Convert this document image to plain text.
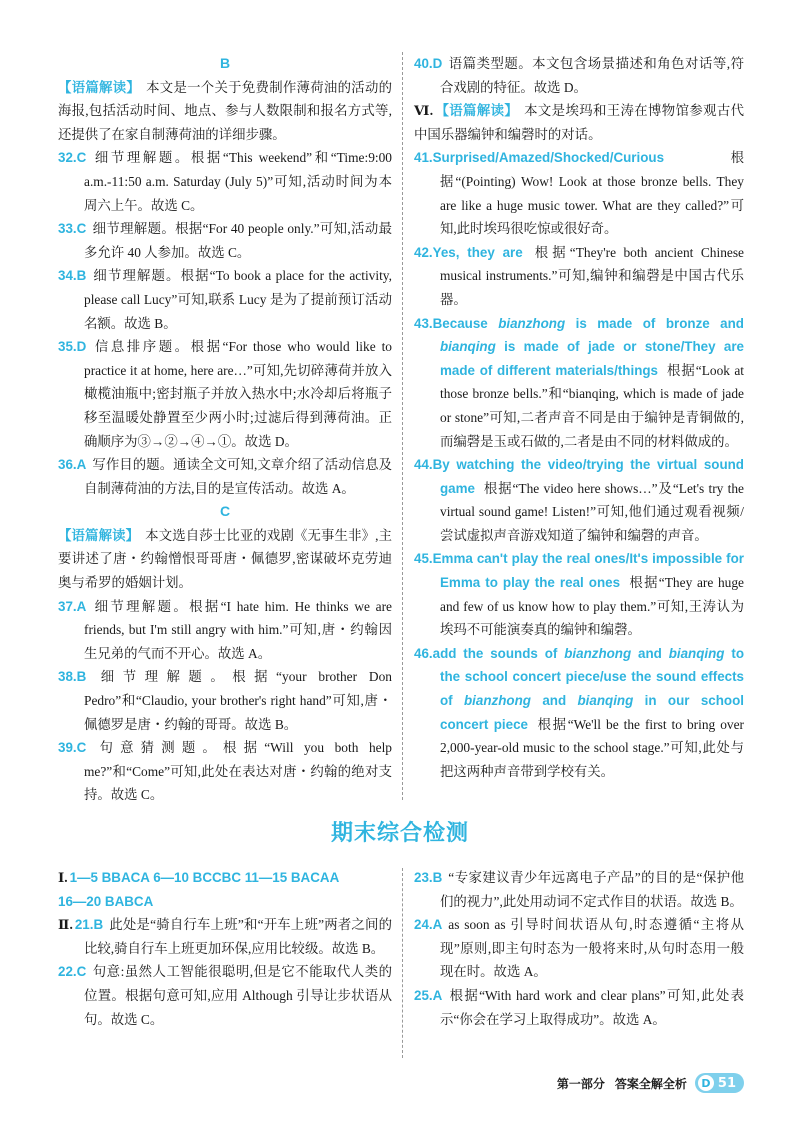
B

【语篇解读】 本文是一个关于免费制作薄荷油的活动的海报,包括活动时间、地点、参与人数限制和报名方式等,还提供了在家自制薄荷油的详细步骤。

32.C 细节理解题。根据“This weekend”和“Time:9:00 a.m.-11:50 a.m. Saturday (July 5)”可知,活动时间为本周六上午。故选 C。

33.C 细节理解题。根据“For 40 people only.”可知,活动最多允许 40 人参加。故选 C。

34.B 细节理解题。根据“To book a place for the activity, please call Lucy”可知,联系 Lucy 是为了提前预订活动名额。故选 B。

35.D 信息排序题。根据“For those who would like to practice it at home, here are…”可知,先切碎薄荷并放入橄榄油瓶中;密封瓶子并放入热水中;水冷却后将瓶子移至温暖处静置至少两小时;过滤后得到薄荷油。正确顺序为③→②→④→①。故选 D。

36.A 写作目的题。通读全文可知,文章介绍了活动信息及自制薄荷油的方法,目的是宣传活动。故选 A。

C

【语篇解读】 本文选自莎士比亚的戏剧《无事生非》,主要讲述了唐・约翰憎恨哥哥唐・佩德罗,密谋破坏克劳迪奥与希罗的婚姻计划。

37.A 细节理解题。根据“I hate him. He thinks we are friends, but I'm still angry with him.”可知,唐・约翰因生兄弟的气而不开心。故选 A。

38.B 细节理解题。根据“your brother Don Pedro”和“Claudio, your brother's right hand”可知,唐・佩德罗是唐・约翰的哥哥。故选 B。

39.C 句意猜测题。根据“Will you both help me?”和“Come”可知,此处在表达对唐・约翰的绝对支持。故选 C。

40.D 语篇类型题。本文包含场景描述和角色对话等,符合戏剧的特征。故选 D。

Ⅵ. 【语篇解读】 本文是埃玛和王涛在博物馆参观古代中国乐器编钟和编磬时的对话。

41.Surprised/Amazed/Shocked/Curious 根据“(Pointing) Wow! Look at those bronze bells. They are like a huge music tower. What are they called?”可知,此时埃玛很吃惊或很好奇。

42.Yes, they are 根据“They're both ancient Chinese musical instruments.”可知,编钟和编磬是中国古代乐器。

43.Because bianzhong is made of bronze and bianqing is made of jade or stone/They are made of different materials/things 根据“Look at those bronze bells.”和“bianqing, which is made of jade or stone”可知,二者声音不同是由于编钟是青铜做的,而编磬是玉或石做的,二者是由不同的材料做成的。

44.By watching the video/trying the virtual sound game 根据“The video here shows…”及“Let's try the virtual sound game! Listen!”可知,他们通过观看视频/尝试虚拟声音游戏知道了编钟和编磬的声音。

45.Emma can't play the real ones/It's impossible for Emma to play the real ones 根据“They are huge and few of us know how to play them.”可知,王涛认为埃玛不可能演奏真的编钟和编磬。

46.add the sounds of bianzhong and bianqing to the school concert piece/use the sound effects of bianzhong and bianqing in our school concert piece 根据“We'll be the first to bring over 2,000-year-old music to the school stage.”可知,此处与把这两种声音带到学校有关。

期末综合检测

Ⅰ. 1—5 BBACA 6—10 BCCBC 11—15 BACAA
16—20 BABCA

Ⅱ. 21.B 此处是“骑自行车上班”和“开车上班”两者之间的比较,骑自行车上班更加环保,应用比较级。故选 B。

22.C 句意:虽然人工智能很聪明,但是它不能取代人类的位置。根据句意可知,应用 Although 引导让步状语从句。故选 C。

23.B “专家建议青少年远离电子产品”的目的是“保护他们的视力”,此处用动词不定式作目的状语。故选 B。

24.A as soon as 引导时间状语从句,时态遵循“主将从现”原则,即主句时态为一般将来时,从句时态用一般现在时。故选 A。

25.A 根据“With hard work and clear plans”可知,此处表示“你会在学习上取得成功”。故选 A。

第一部分 答案全解全析	D 51
